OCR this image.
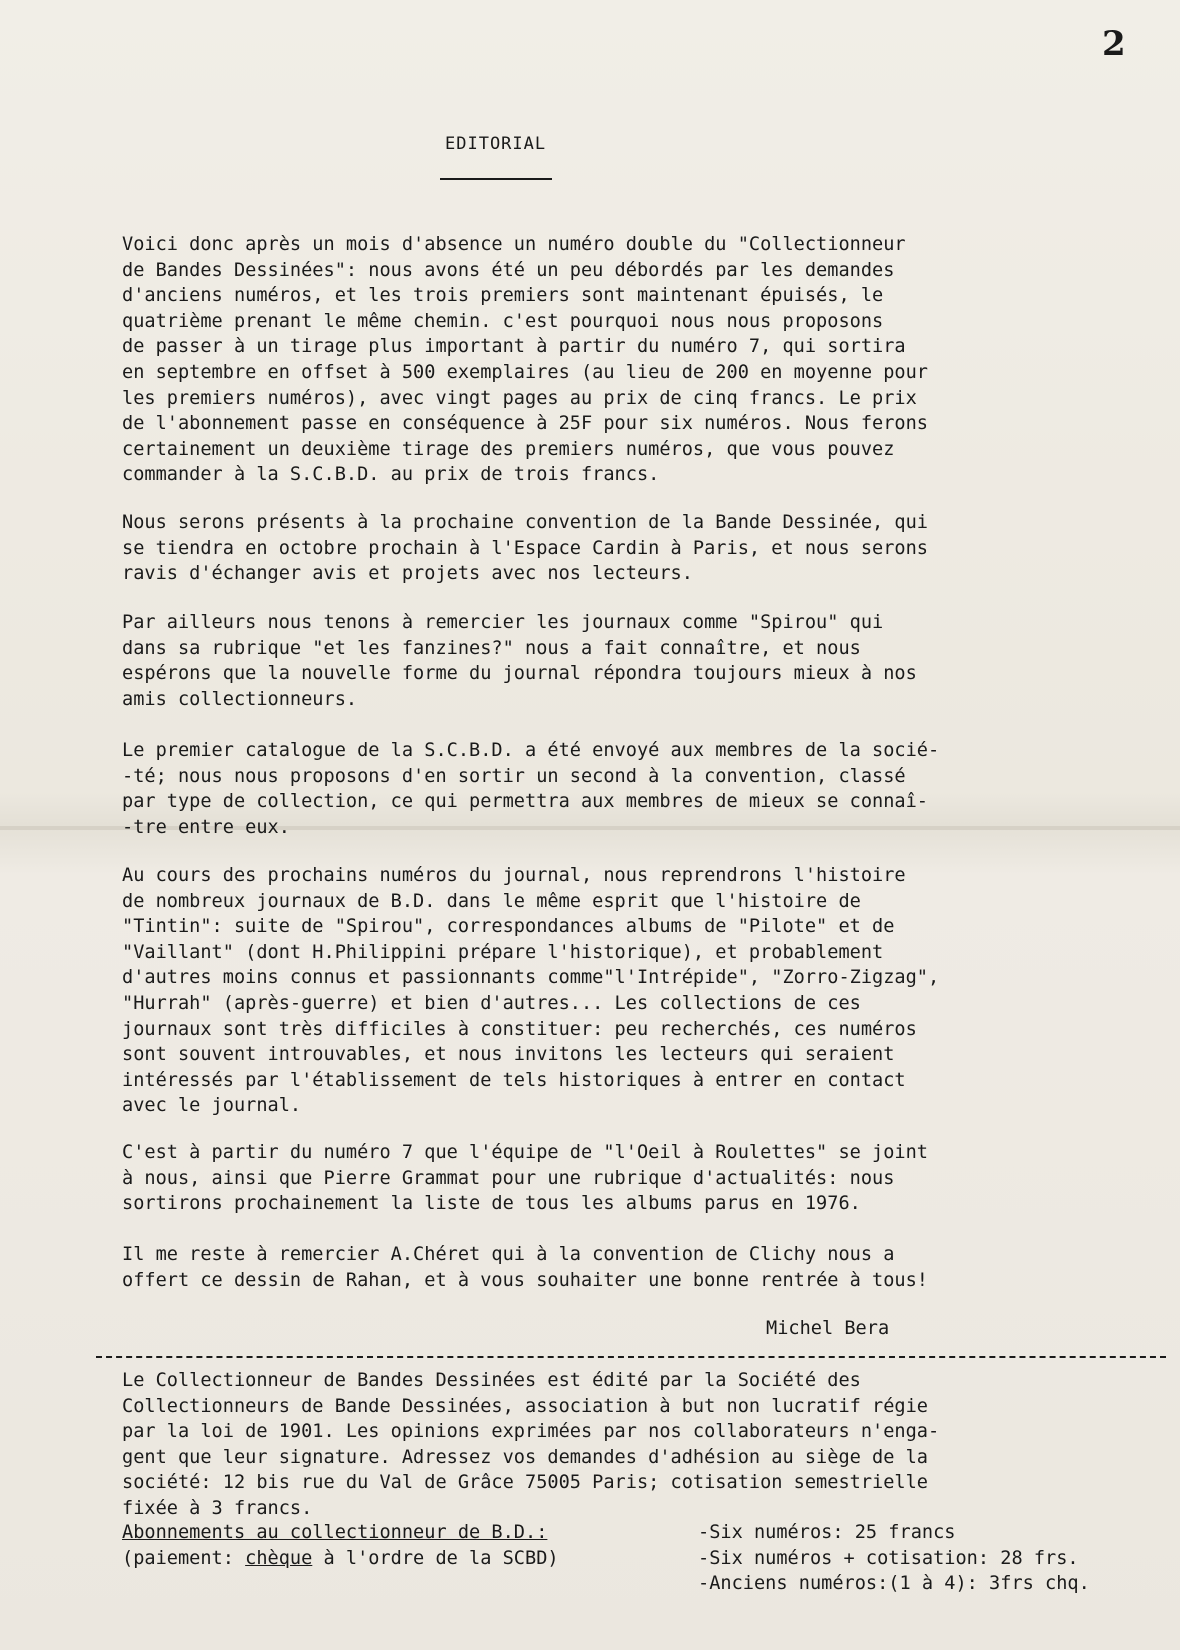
2
EDITORIAL
Voici donc après un mois d'absence un numéro double du "Collectionneur
de Bandes Dessinées": nous avons été un peu débordés par les demandes
d'anciens numéros, et les trois premiers sont maintenant épuisés, le
quatrième prenant le même chemin. c'est pourquoi nous nous proposons
de passer à un tirage plus important à partir du numéro 7, qui sortira
en septembre en offset à 500 exemplaires (au lieu de 200 en moyenne pour
les premiers numéros), avec vingt pages au prix de cinq francs. Le prix
de l'abonnement passe en conséquence à 25F pour six numéros. Nous ferons
certainement un deuxième tirage des premiers numéros, que vous pouvez
commander à la S.C.B.D. au prix de trois francs.
Nous serons présents à la prochaine convention de la Bande Dessinée, qui
se tiendra en octobre prochain à l'Espace Cardin à Paris, et nous serons
ravis d'échanger avis et projets avec nos lecteurs.
Par ailleurs nous tenons à remercier les journaux comme "Spirou" qui
dans sa rubrique "et les fanzines?" nous a fait connaître, et nous
espérons que la nouvelle forme du journal répondra toujours mieux à nos
amis collectionneurs.
Le premier catalogue de la S.C.B.D. a été envoyé aux membres de la socié-
-té; nous nous proposons d'en sortir un second à la convention, classé
par type de collection, ce qui permettra aux membres de mieux se connaî-
-tre entre eux.
Au cours des prochains numéros du journal, nous reprendrons l'histoire
de nombreux journaux de B.D. dans le même esprit que l'histoire de
"Tintin": suite de "Spirou", correspondances albums de "Pilote" et de
"Vaillant" (dont H.Philippini prépare l'historique), et probablement
d'autres moins connus et passionnants comme"l'Intrépide", "Zorro-Zigzag",
"Hurrah" (après-guerre) et bien d'autres... Les collections de ces
journaux sont très difficiles à constituer: peu recherchés, ces numéros
sont souvent introuvables, et nous invitons les lecteurs qui seraient
intéressés par l'établissement de tels historiques à entrer en contact
avec le journal.
C'est à partir du numéro 7 que l'équipe de "l'Oeil à Roulettes" se joint
à nous, ainsi que Pierre Grammat pour une rubrique d'actualités: nous
sortirons prochainement la liste de tous les albums parus en 1976.
Il me reste à remercier A.Chéret qui à la convention de Clichy nous a
offert ce dessin de Rahan, et à vous souhaiter une bonne rentrée à tous!
Michel Bera
Le Collectionneur de Bandes Dessinées est édité par la Société des
Collectionneurs de Bande Dessinées, association à but non lucratif régie
par la loi de 1901. Les opinions exprimées par nos collaborateurs n'enga-
gent que leur signature. Adressez vos demandes d'adhésion au siège de la
société: 12 bis rue du Val de Grâce 75005 Paris; cotisation semestrielle
fixée à 3 francs.
Abonnements au collectionneur de B.D.:
(paiement: chèque à l'ordre de la SCBD)
-Six numéros: 25 francs
-Six numéros + cotisation: 28 frs.
-Anciens numéros:(1 à 4): 3frs chq.
